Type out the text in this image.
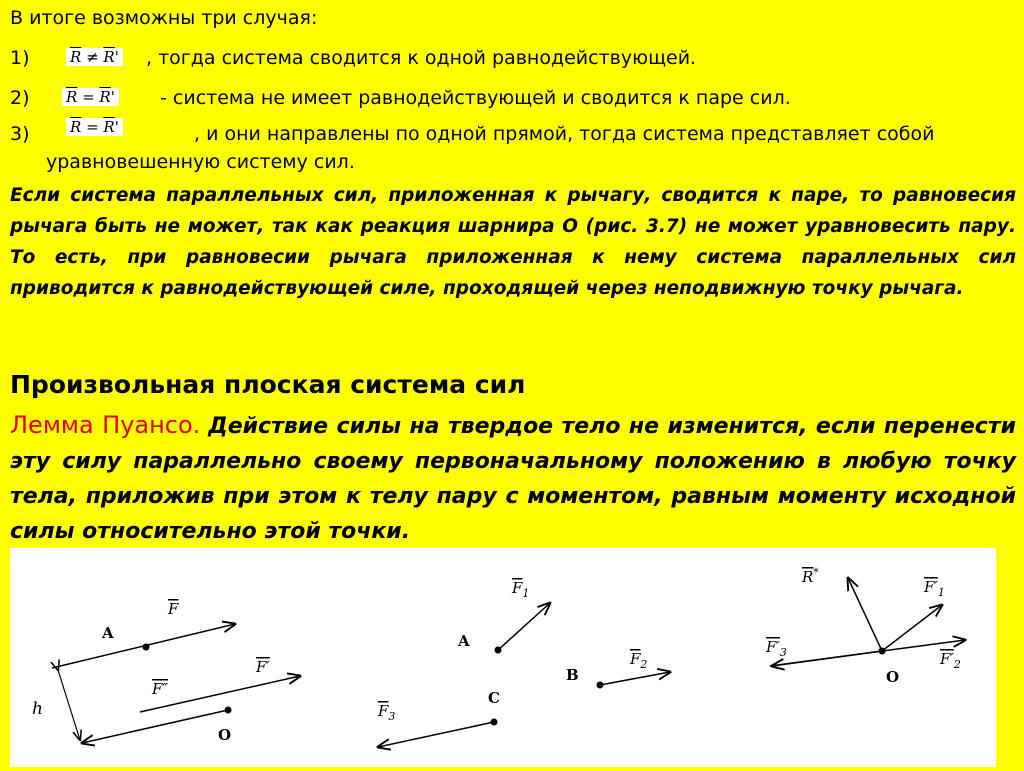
В итоге возможны три случая:
1)	$\overline{R} \ne \overline{R}'$ , тогда система сводится к одной равнодействующей.
2) $\overline{R} = \overline{R}'$ - система не имеет равнодействующей и сводится к паре сил.
3)	$\overline{R} = \overline{R}'$	, и они направлены по одной прямой, тогда система представляет собой
уравновешенную систему сил.
Если система параллельных сил, приложенная к рычагу, сводится к паре, то равновесия рычага быть не может, так как реакция шарнира О (рис. 3.7) не может уравновесить пару. То есть, при равновесии рычага приложенная к нему система параллельных сил приводится к равнодействующей силе, проходящей через неподвижную точку рычага.
Произвольная плоская система сил
Лемма Пуансо. Действие силы на твердое тело не изменится, если перенести эту силу параллельно своему первоначальному положению в любую точку тела, приложив при этом к телу пару с моментом, равным моменту исходной силы относительно этой точки.
A
O
h
F
F′
F″
A
B
C
$F_1$
$F_2$
$F_3$
O
R*
$F'_1$
$F'_2$
$F'_3$
